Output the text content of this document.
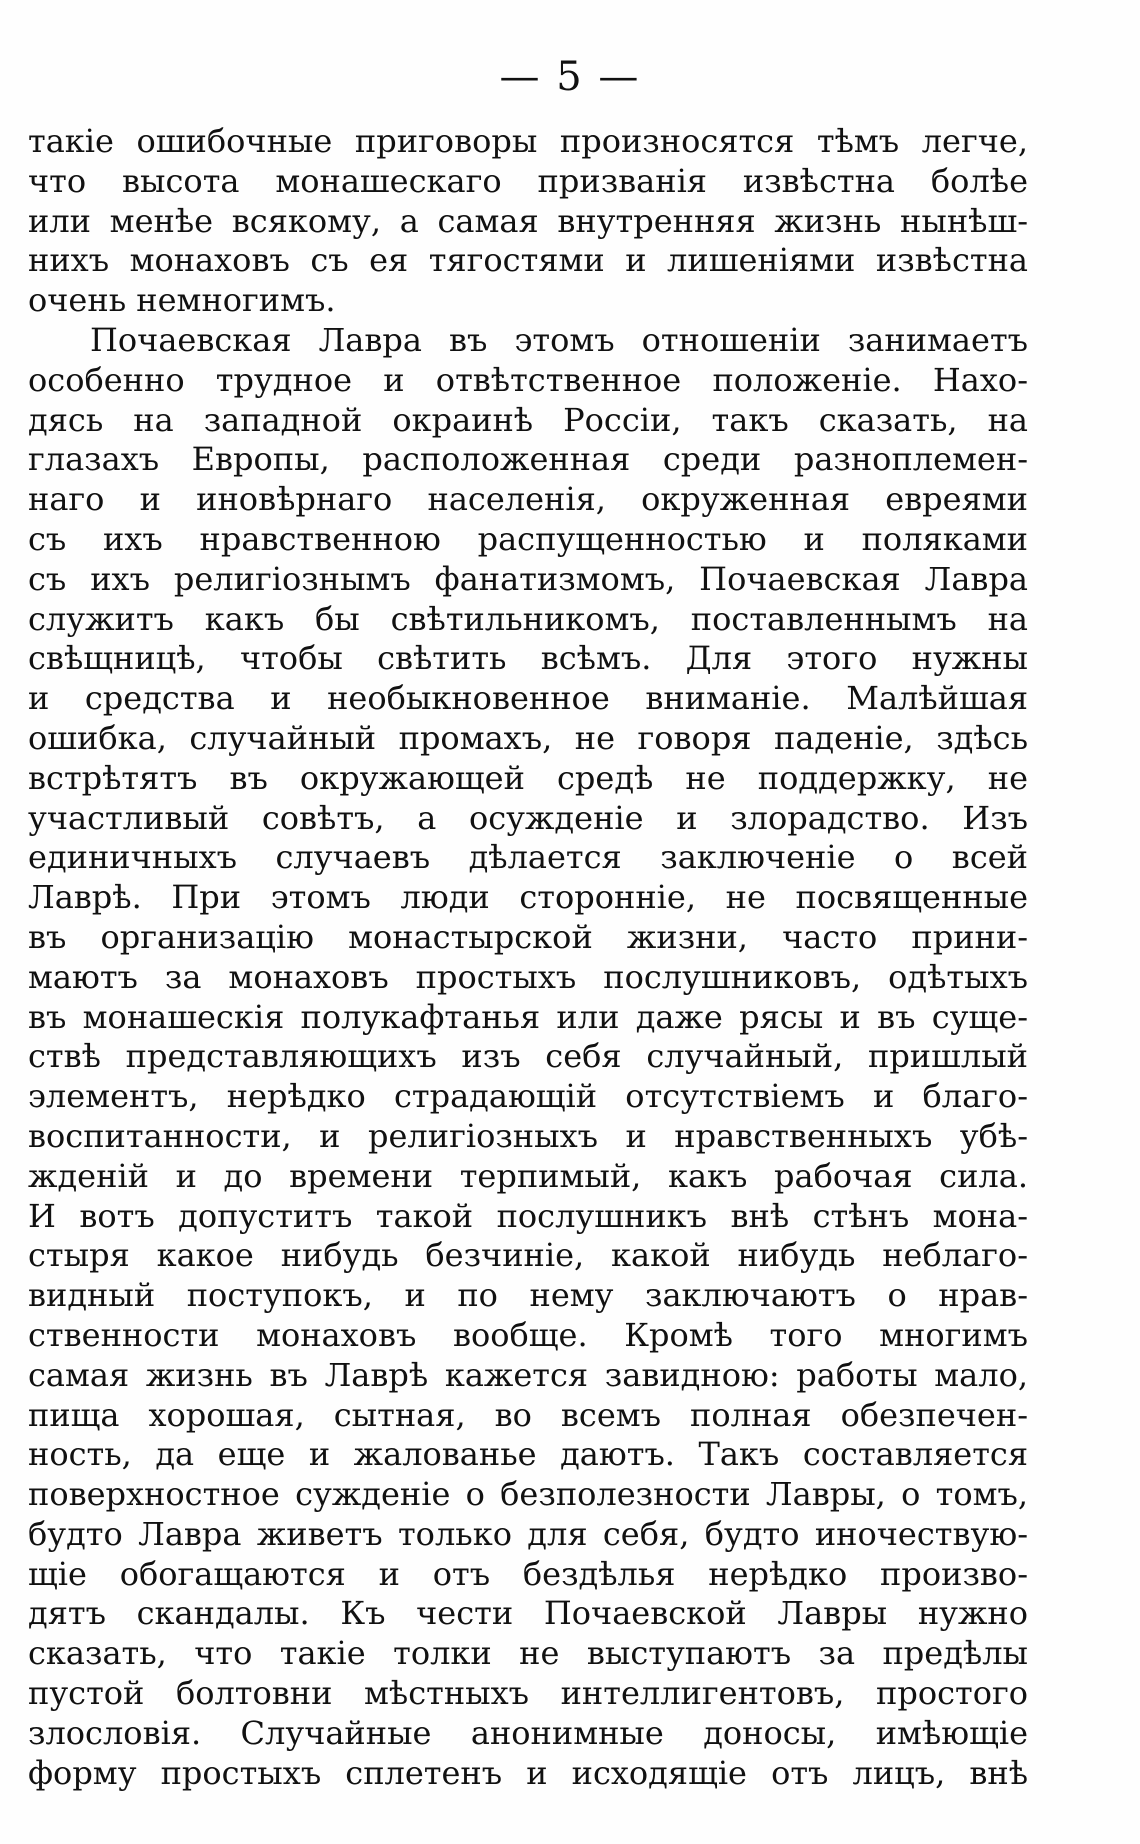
— 5 —
такіе ошибочные приговоры произносятся тѣмъ легче,
что высота монашескаго призванія извѣстна болѣе
или менѣе всякому, а самая внутренняя жизнь нынѣш-
нихъ монаховъ съ ея тягостями и лишеніями извѣстна
очень немногимъ.
Почаевская Лавра въ этомъ отношеніи занимаетъ
особенно трудное и отвѣтственное положеніе. Нахо-
дясь на западной окраинѣ Россіи, такъ сказать, на
глазахъ Европы, расположенная среди разноплемен-
наго и иновѣрнаго населенія, окруженная евреями
съ ихъ нравственною распущенностью и поляками
съ ихъ религіознымъ фанатизмомъ, Почаевская Лавра
служитъ какъ бы свѣтильникомъ, поставленнымъ на
свѣщницѣ, чтобы свѣтить всѣмъ. Для этого нужны
и средства и необыкновенное вниманіе. Малѣйшая
ошибка, случайный промахъ, не говоря паденіе, здѣсь
встрѣтятъ въ окружающей средѣ не поддержку, не
участливый совѣтъ, а осужденіе и злорадство. Изъ
единичныхъ случаевъ дѣлается заключеніе о всей
Лаврѣ. При этомъ люди сторонніе, не посвященные
въ организацію монастырской жизни, часто прини-
маютъ за монаховъ простыхъ послушниковъ, одѣтыхъ
въ монашескія полукафтанья или даже рясы и въ суще-
ствѣ представляющихъ изъ себя случайный, пришлый
элементъ, нерѣдко страдающій отсутствіемъ и благо-
воспитанности, и религіозныхъ и нравственныхъ убѣ-
жденій и до времени терпимый, какъ рабочая сила.
И вотъ допуститъ такой послушникъ внѣ стѣнъ мона-
стыря какое нибудь безчиніе, какой нибудь неблаго-
видный поступокъ, и по нему заключаютъ о нрав-
ственности монаховъ вообще. Кромѣ того многимъ
самая жизнь въ Лаврѣ кажется завидною: работы мало,
пища хорошая, сытная, во всемъ полная обезпечен-
ность, да еще и жалованье даютъ. Такъ составляется
поверхностное сужденіе о безполезности Лавры, о томъ,
будто Лавра живетъ только для себя, будто иночествую-
щіе обогащаются и отъ бездѣлья нерѣдко произво-
дятъ скандалы. Къ чести Почаевской Лавры нужно
сказать, что такіе толки не выступаютъ за предѣлы
пустой болтовни мѣстныхъ интеллигентовъ, простого
злословія. Случайные анонимные доносы, имѣющіе
форму простыхъ сплетенъ и исходящіе отъ лицъ, внѣ
